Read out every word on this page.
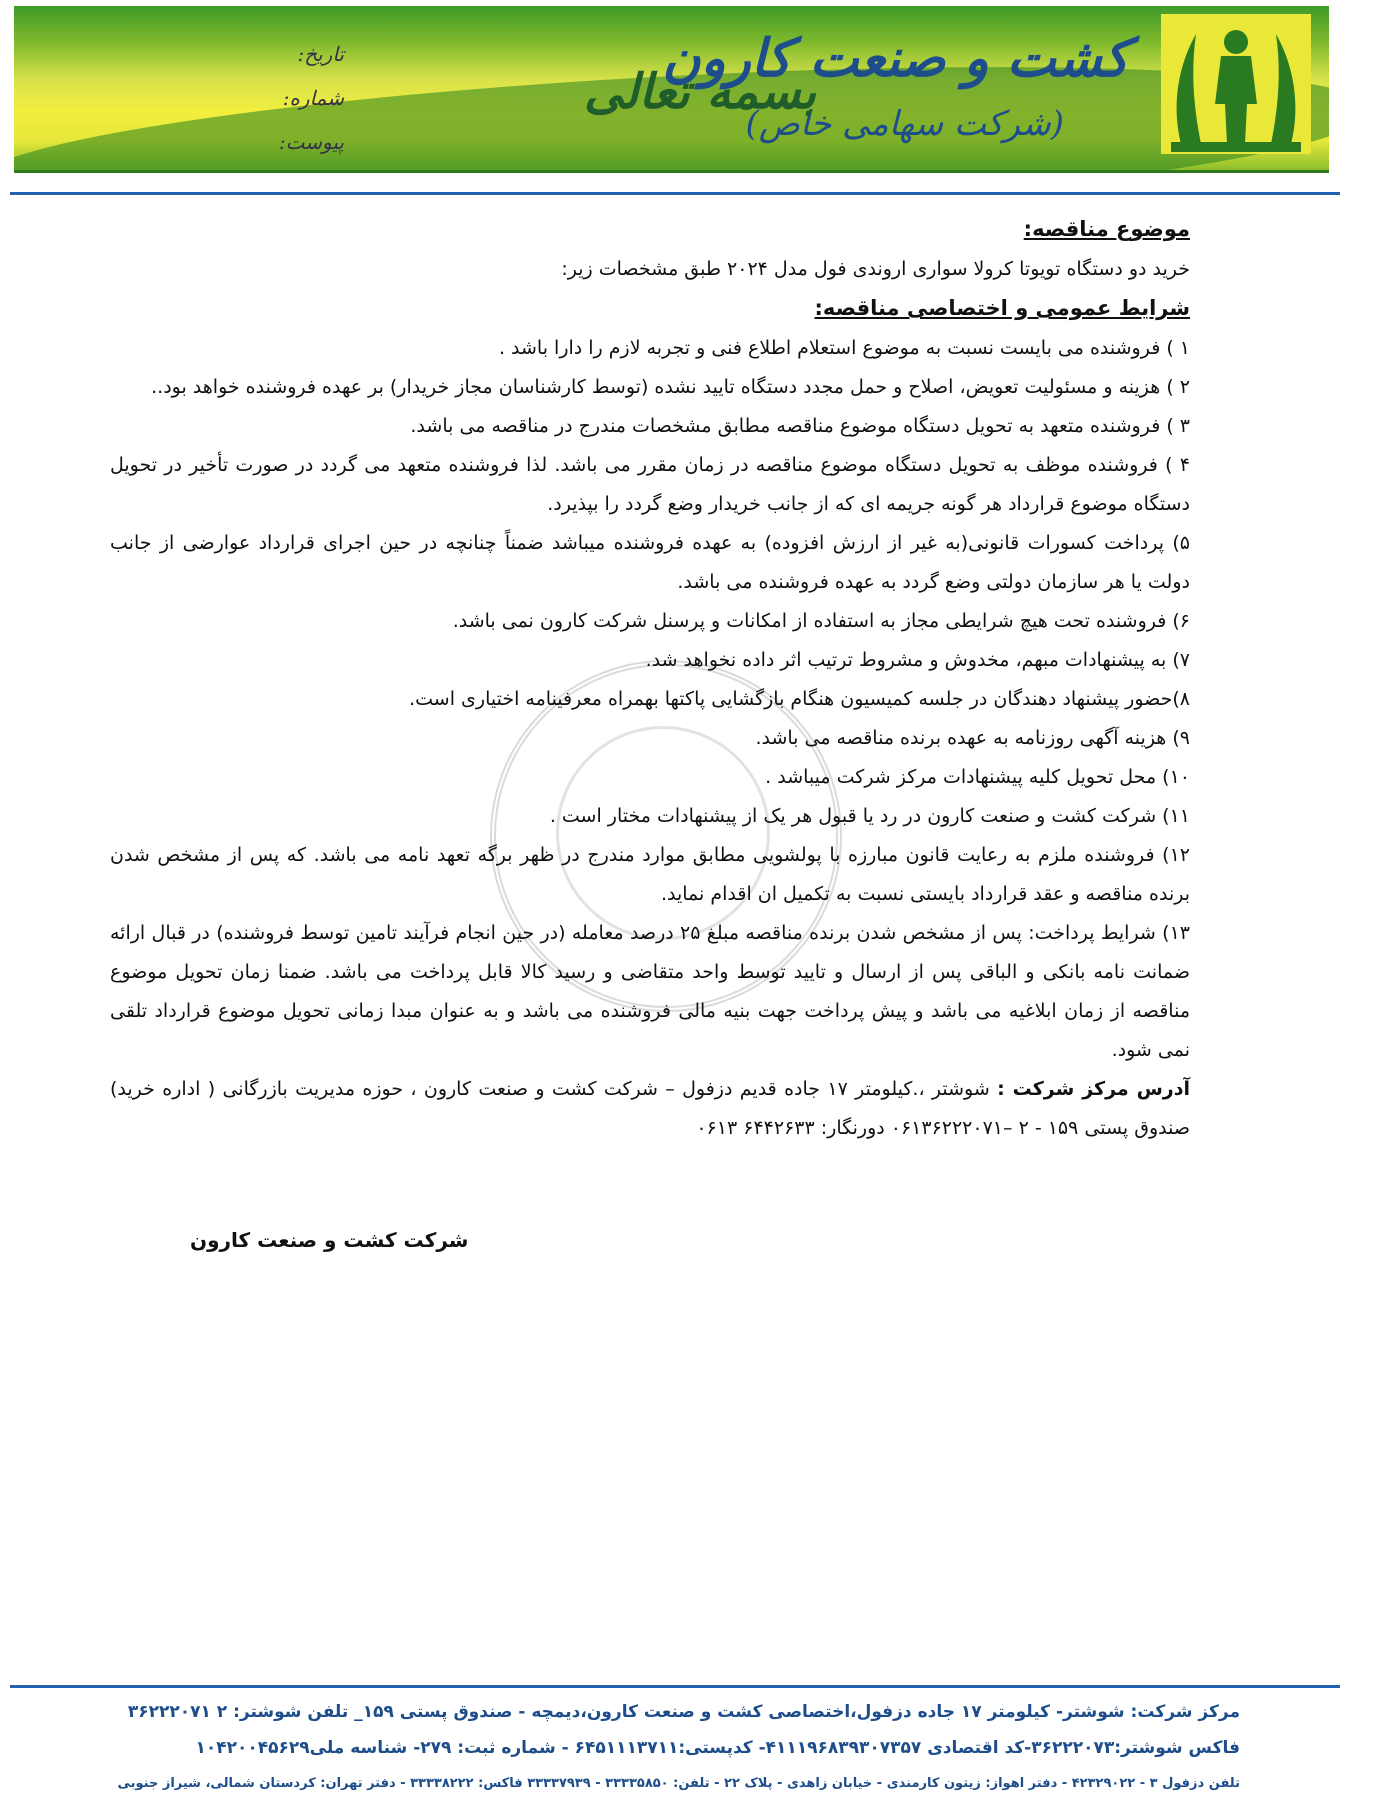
کشت و صنعت کارون
(شرکت سهامی خاص)
بسمه تعالی
تاریخ:
شماره:
پیوست:

موضوع مناقصه:

خرید دو دستگاه تویوتا کرولا سواری اروندی فول مدل ۲۰۲۴ طبق مشخصات زیر:

شرایط عمومی و اختصاصی مناقصه:

۱ ) فروشنده می بایست نسبت به موضوع استعلام اطلاع فنی و تجربه لازم را دارا باشد .

۲ ) هزینه و مسئولیت تعویض، اصلاح و حمل مجدد دستگاه تایید نشده (توسط کارشناسان مجاز خریدار) بر عهده فروشنده خواهد بود..

۳ ) فروشنده متعهد به تحویل دستگاه موضوع مناقصه مطابق مشخصات مندرج در مناقصه می باشد.

۴ ) فروشنده موظف به تحویل دستگاه موضوع مناقصه در زمان مقرر می باشد. لذا فروشنده متعهد می گردد در صورت تأخیر در تحویل دستگاه موضوع قرارداد هر گونه جریمه ای که از جانب خریدار وضع گردد را بپذیرد.

۵) پرداخت کسورات قانونی(به غیر از ارزش افزوده) به عهده فروشنده میباشد ضمناً چنانچه در حین اجرای قرارداد عوارضی از جانب دولت یا هر سازمان دولتی وضع گردد به عهده فروشنده می باشد.

۶) فروشنده تحت هیچ شرایطی مجاز به استفاده از امکانات و پرسنل شرکت کارون نمی باشد.

۷) به پیشنهادات مبهم، مخدوش و مشروط ترتیب اثر داده نخواهد شد.

۸)حضور پیشنهاد دهندگان در جلسه کمیسیون هنگام بازگشایی پاکتها بهمراه معرفینامه اختیاری است.

۹) هزینه آگهی روزنامه به عهده برنده مناقصه می باشد.

۱۰) محل تحویل کلیه پیشنهادات مرکز شرکت میباشد .

۱۱) شرکت کشت و صنعت کارون در رد یا قبول هر یک از پیشنهادات مختار است .

۱۲) فروشنده ملزم به رعایت قانون مبارزه با پولشویی مطابق موارد مندرج در ظهر برگه تعهد نامه می باشد. که پس از مشخص شدن برنده مناقصه و عقد قرارداد بایستی نسبت به تکمیل ان اقدام نماید.

۱۳) شرایط پرداخت: پس از مشخص شدن برنده مناقصه مبلغ ۲۵ درصد معامله (در حین انجام فرآیند تامین توسط فروشنده) در قبال ارائه ضمانت نامه بانکی و الباقی پس از ارسال و تایید توسط واحد متقاضی و رسید کالا قابل پرداخت می باشد. ضمنا زمان تحویل موضوع مناقصه از زمان ابلاغیه می باشد و پیش پرداخت جهت بنیه مالی فروشنده می باشد و به عنوان مبدا زمانی تحویل موضوع قرارداد تلقی نمی شود.

آدرس مرکز شرکت : شوشتر ،.کیلومتر ۱۷ جاده قدیم دزفول – شرکت کشت و صنعت کارون ، حوزه مدیریت بازرگانی ( اداره خرید) صندوق پستی ۱۵۹ - ۲ –۰۶۱۳۶۲۲۲۰۷۱ دورنگار: ۶۴۴۲۶۳۳ ۰۶۱۳

شرکت کشت و صنعت کارون
مرکز شرکت: شوشتر- کیلومتر ۱۷ جاده دزفول،اختصاصی کشت و صنعت کارون،دیمچه - صندوق پستی ۱۵۹_ تلفن شوشتر: ۲ ۳۶۲۲۲۰۷۱
فاکس شوشتر:۳۶۲۲۲۰۷۳-کد اقتصادی ۴۱۱۱۹۶۸۳۹۳۰۷۳۵۷- کدپستی:۶۴۵۱۱۱۳۷۱۱ - شماره ثبت: ۲۷۹- شناسه ملی۱۰۴۲۰۰۴۵۶۲۹
تلفن دزفول ۳ - ۴۲۳۲۹۰۲۲ - دفتر اهواز: زیتون کارمندی - خیابان زاهدی - پلاک ۲۲ - تلفن: ۳۳۳۳۵۸۵۰ - ۳۳۳۳۷۹۳۹ فاکس: ۳۳۳۳۸۲۲۲ - دفتر تهران: کردستان شمالی، شیراز جنوبی
